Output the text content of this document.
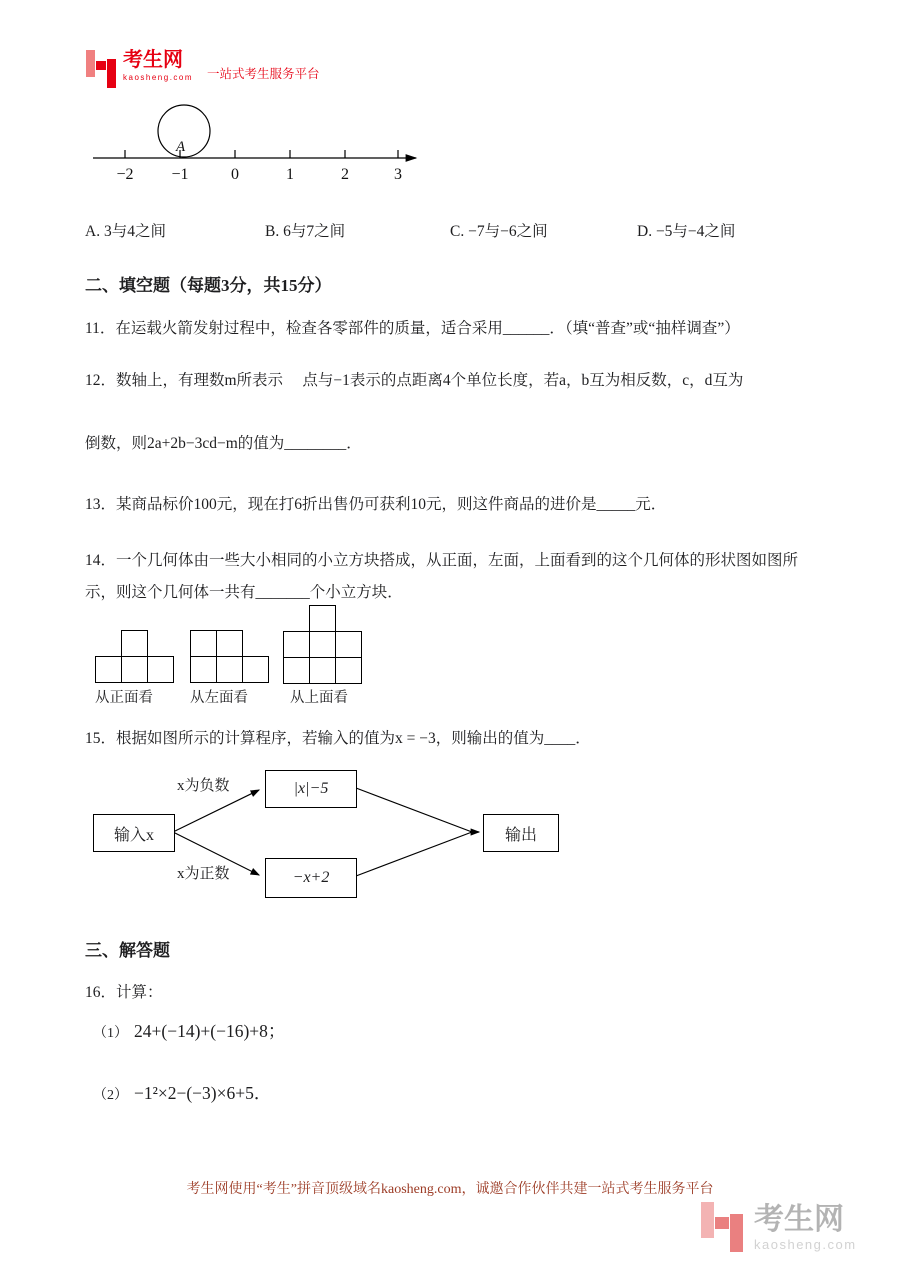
考生网
kaosheng.com 一站式考生服务平台
−2 −1	0	1	2	3
A
A. 3与4之间	B. 6与7之间	C. −7与−6之间	D. −5与−4之间
二、填空题（每题3分，共15分）
11．在运载火箭发射过程中，检查各零部件的质量，适合采用______．（填“普查”或“抽样调查”）
12．数轴上，有理数m所表示　 点与−1表示的点距离4个单位长度，若a，b互为相反数，c，d互为
倒数，则2a+2b−3cd−m的值为________．
13．某商品标价100元，现在打6折出售仍可获利10元，则这件商品的进价是_____元．
14．一个几何体由一些大小相同的小立方块搭成，从正面，左面，上面看到的这个几何体的形状图如图所
示，则这个几何体一共有_______个小立方块．
从正面看	从左面看	从上面看
15．根据如图所示的计算程序，若输入的值为x = −3，则输出的值为____．
输入x
x为负数	|x|−5
x为正数	−x+2
输出
三、解答题
16．计算：
（1） 24+(−14)+(−16)+8；
（2） −1²×2−(−3)×6+5．
考生网使用“考生”拼音顶级域名kaosheng.com，诚邀合作伙伴共建一站式考生服务平台
考生网
kaosheng.com
